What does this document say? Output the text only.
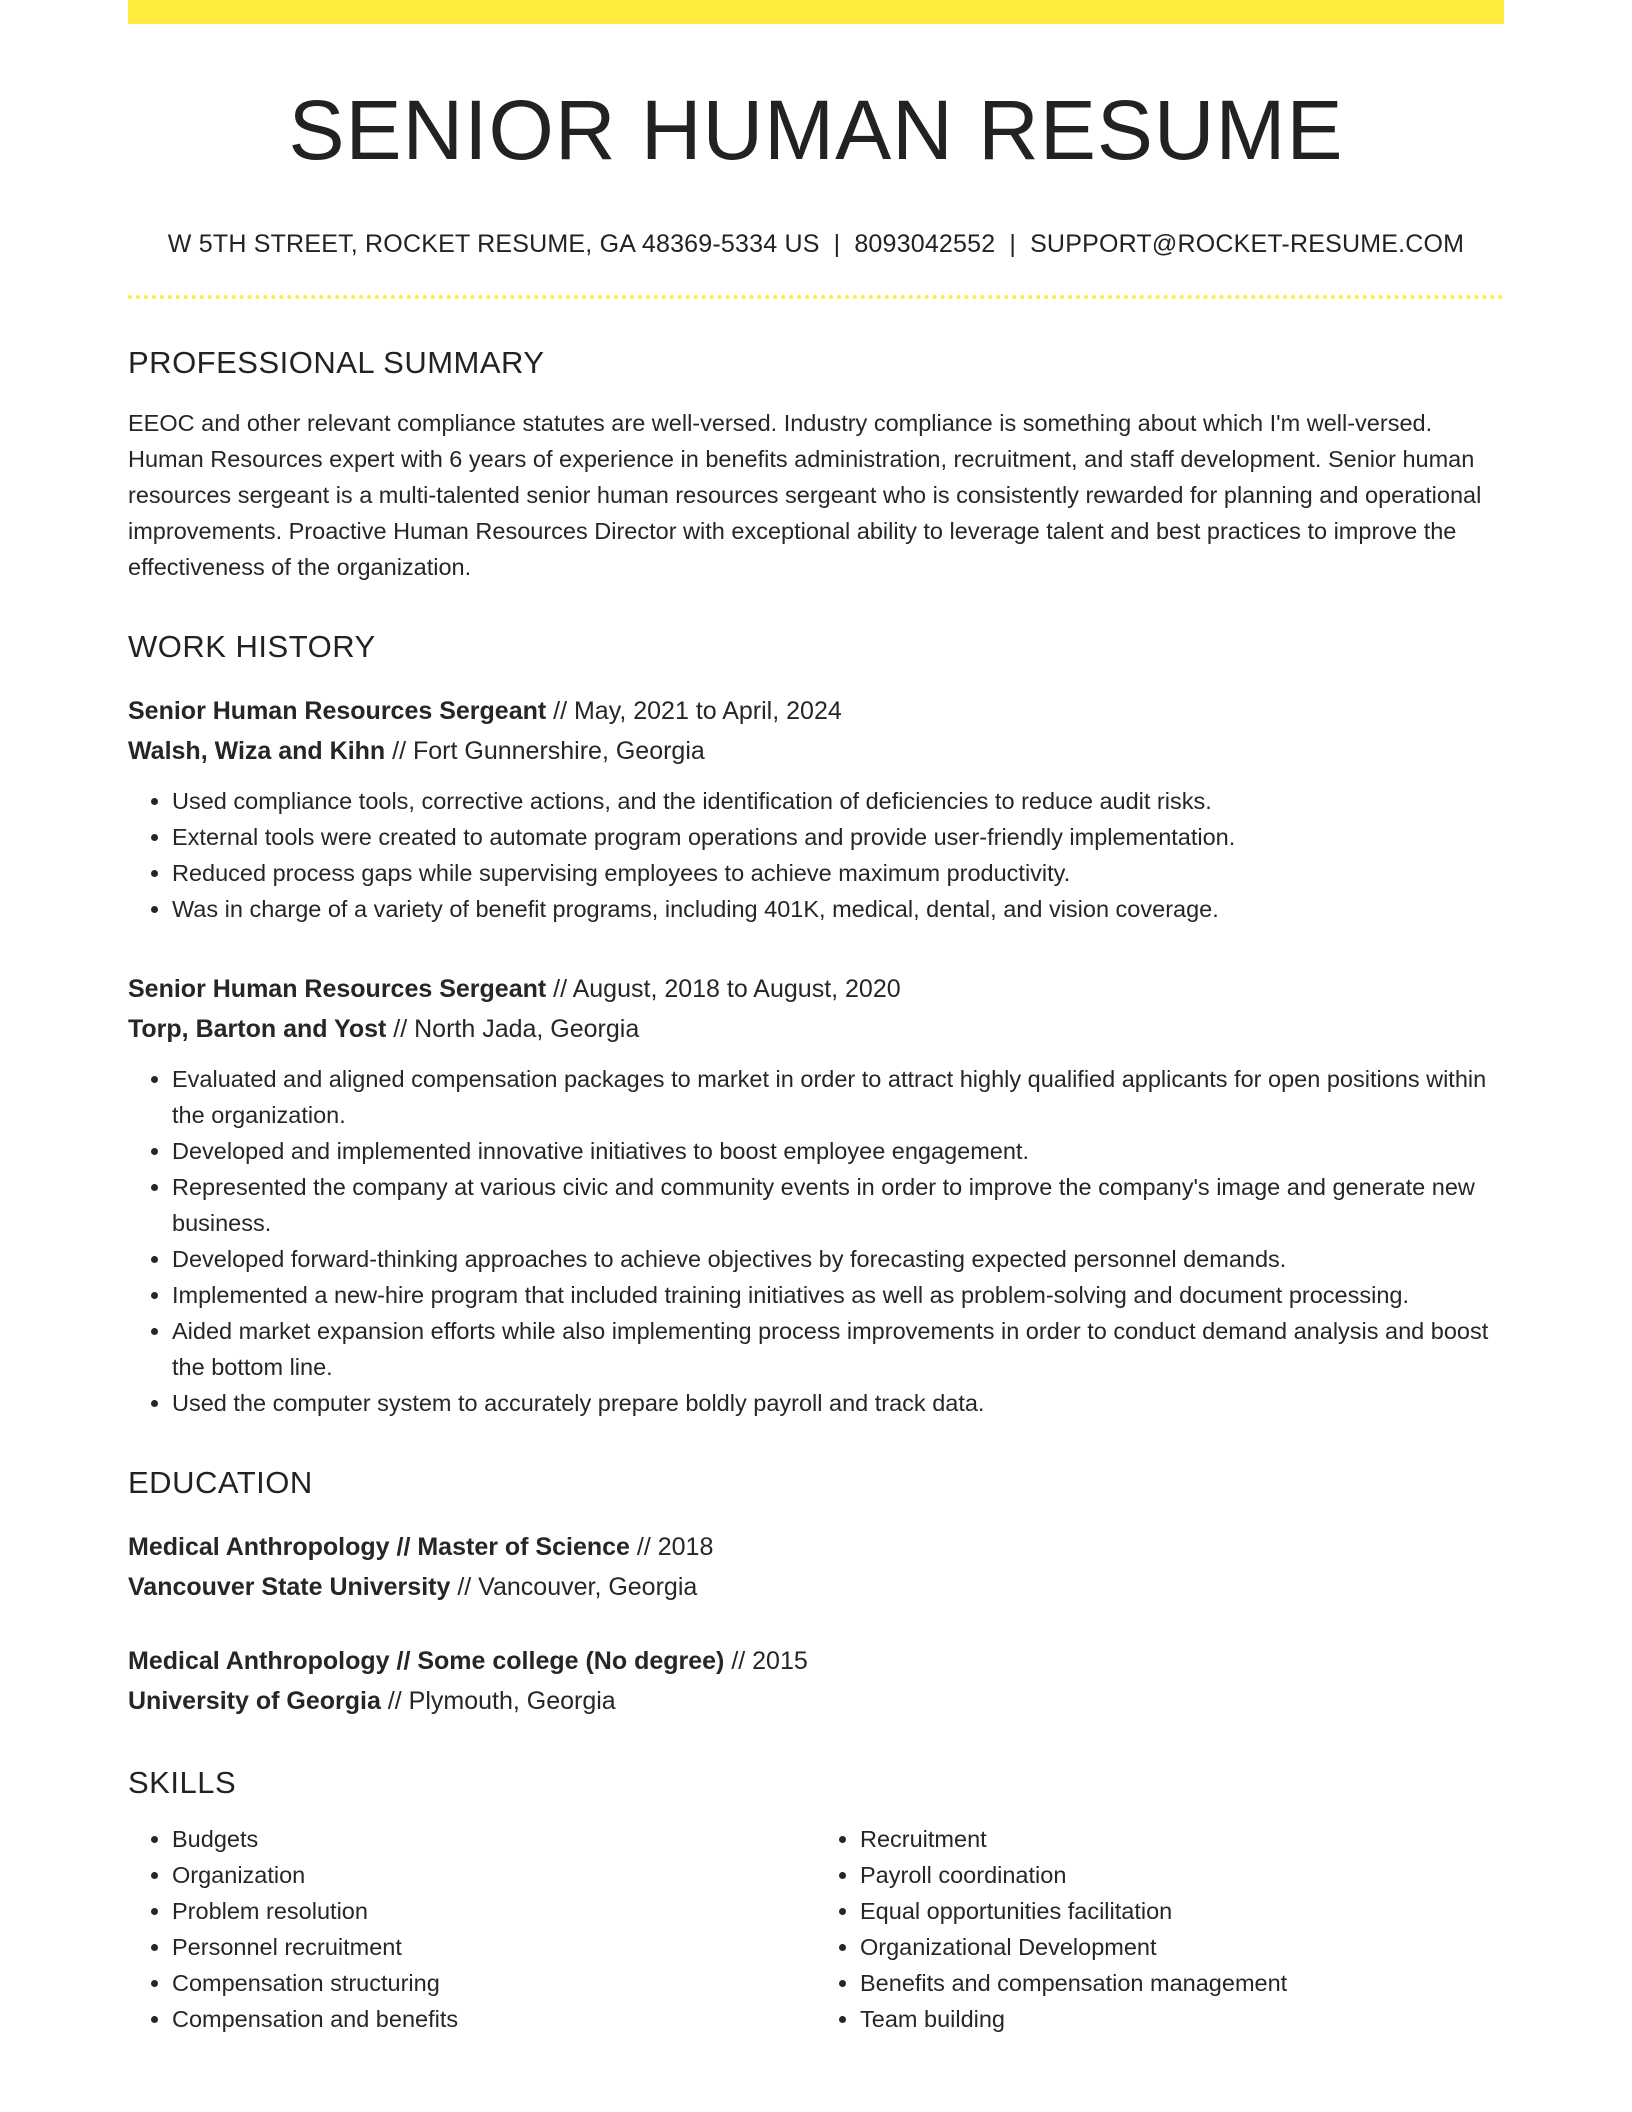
SENIOR HUMAN RESUME
W 5TH STREET, ROCKET RESUME, GA 48369-5334 US | 8093042552 | SUPPORT@ROCKET-RESUME.COM
PROFESSIONAL SUMMARY

EEOC and other relevant compliance statutes are well-versed. Industry compliance is something about which I'm well-versed. Human Resources expert with 6 years of experience in benefits administration, recruitment, and staff development. Senior human resources sergeant is a multi-talented senior human resources sergeant who is consistently rewarded for planning and operational improvements. Proactive Human Resources Director with exceptional ability to leverage talent and best practices to improve the effectiveness of the organization.

WORK HISTORY
Senior Human Resources Sergeant // May, 2021 to April, 2024
Walsh, Wiza and Kihn // Fort Gunnershire, Georgia
• Used compliance tools, corrective actions, and the identification of deficiencies to reduce audit risks.
• External tools were created to automate program operations and provide user-friendly implementation.
• Reduced process gaps while supervising employees to achieve maximum productivity.
• Was in charge of a variety of benefit programs, including 401K, medical, dental, and vision coverage.
Senior Human Resources Sergeant // August, 2018 to August, 2020
Torp, Barton and Yost // North Jada, Georgia
• Evaluated and aligned compensation packages to market in order to attract highly qualified applicants for open positions within the organization.
• Developed and implemented innovative initiatives to boost employee engagement.
• Represented the company at various civic and community events in order to improve the company's image and generate new business.
• Developed forward-thinking approaches to achieve objectives by forecasting expected personnel demands.
• Implemented a new-hire program that included training initiatives as well as problem-solving and document processing.
• Aided market expansion efforts while also implementing process improvements in order to conduct demand analysis and boost the bottom line.
• Used the computer system to accurately prepare boldly payroll and track data.
EDUCATION
Medical Anthropology // Master of Science // 2018
Vancouver State University // Vancouver, Georgia
Medical Anthropology // Some college (No degree) // 2015
University of Georgia // Plymouth, Georgia
SKILLS
• Budgets
• Organization
• Problem resolution
• Personnel recruitment
• Compensation structuring
• Compensation and benefits
• Recruitment
• Payroll coordination
• Equal opportunities facilitation
• Organizational Development
• Benefits and compensation management
• Team building
